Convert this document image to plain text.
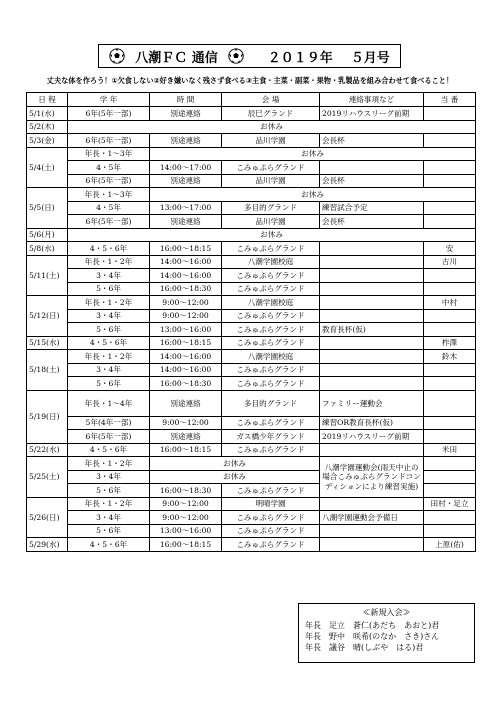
八潮ＦＣ 通信	２０１９年 ５月号
丈夫な体を作ろう！①欠食しない②好き嫌いなく残さず食べる③主食・主菜・副菜・果物・乳製品を組み合わせて食べること！
日 程	学 年	時 間	会 場	連絡事項など	当 番
5/1(水)	6年(5年一部)	別途連絡	辰巳グランド	2019リハウスリーグ前期	
5/2(木)	お休み				
5/3(金)	6年(5年一部)	別途連絡	品川学園	会長杯	
5/4(土)	年長・1～3年	お休み			
	4・5年	14:00～17:00	こみゅぷらグランド		
	6年(5年一部)	別途連絡	品川学園	会長杯	
5/5(日)	年長・1～3年	お休み			
	4・5年	13:00～17:00	多目的グランド	練習試合予定	
	6年(5年一部)	別途連絡	品川学園	会長杯	
5/6(月)	お休み				
5/8(水)	4・5・6年	16:00～18:15	こみゅぷらグランド		安
5/11(土)	年長・1・2年	14:00～16:00	八潮学園校庭		古川
	3・4年	14:00～16:00	こみゅぷらグランド		
	5・6年	16:00～18:30	こみゅぷらグランド		
5/12(日)	年長・1・2年	9:00～12:00	八潮学園校庭		中村
	3・4年	9:00～12:00	こみゅぷらグランド		
	5・6年	13:00～16:00	こみゅぷらグランド	教育長杯(仮)	
5/15(水)	4・5・6年	16:00～18:15	こみゅぷらグランド		柞澤
5/18(土)	年長・1・2年	14:00～16:00	八潮学園校庭		鈴木
	3・4年	14:00～16:00	こみゅぷらグランド		
	5・6年	16:00～18:30	こみゅぷらグランド		
5/19(日)	年長・1～4年	別途連絡	多目的グランド	ファミリー運動会	
	5年(4年一部)	9:00～12:00	こみゅぷらグランド	練習OR教育長杯(仮)	
	6年(5年一部)	別途連絡	ガス橋少年グランド	2019リハウスリーグ前期	
5/22(水)	4・5・6年	16:00～18:15	こみゅぷらグランド		米田
5/25(土)	年長・1・2年	お休み		八潮学園運動会(雨天中止の場合こみゅぷらグランドコンディションにより練習実施)	
	3・4年	お休み			
	5・6年	16:00～18:30	こみゅぷらグランド		
5/26(日)	年長・1・2年	9:00～12:00	明晴学園		田村・足立
	3・4年	9:00～12:00	こみゅぷらグランド	八潮学園運動会予備日	
	5・6年	13:00～16:00	こみゅぷらグランド		
5/29(水)	4・5・6年	16:00～18:15	こみゅぷらグランド		上原(佑)
≪新規入会≫
年長　足立　蒼仁(あだち　あおと)君
年長　野中　咲希(のなか　さき)さん
年長　議谷　晴(しぶや　はる)君
